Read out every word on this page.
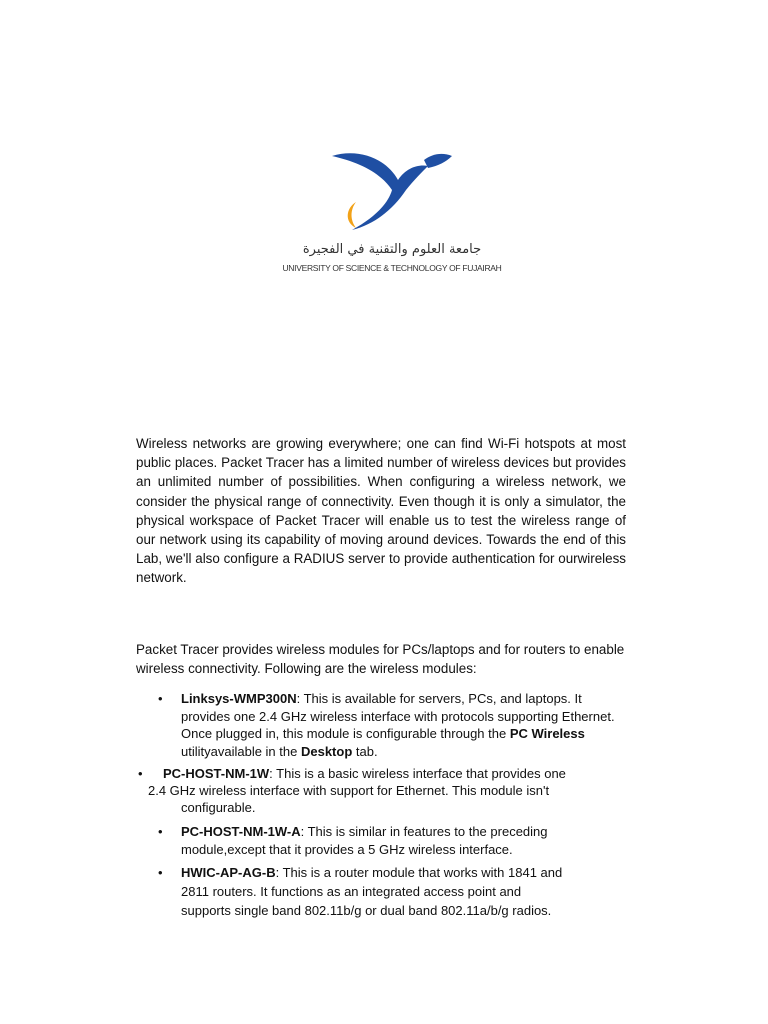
جامعة العلوم والتقنية في الفجيرة
UNIVERSITY OF SCIENCE & TECHNOLOGY OF FUJAIRAH

Wireless networks are growing everywhere; one can find Wi-Fi hotspots at most public places. Packet Tracer has a limited number of wireless devices but provides an unlimited number of possibilities. When configuring a wireless network, we consider the physical range of connectivity. Even though it is only a simulator, the physical workspace of Packet Tracer will enable us to test the wireless range of our network using its capability of moving around devices. Towards the end of this Lab, we'll also configure a RADIUS server to provide authentication for ourwireless network.

Packet Tracer provides wireless modules for PCs/laptops and for routers to enable wireless connectivity. Following are the wireless modules:

• Linksys-WMP300N: This is available for servers, PCs, and laptops. It provides one 2.4 GHz wireless interface with protocols supporting Ethernet. Once plugged in, this module is configurable through the PC Wireless utilityavailable in the Desktop tab.

• PC-HOST-NM-1W: This is a basic wireless interface that provides one
2.4 GHz wireless interface with support for Ethernet. This module isn't
configurable.
• PC-HOST-NM-1W-A: This is similar in features to the preceding module,except that it provides a 5 GHz wireless interface.

• HWIC-AP-AG-B: This is a router module that works with 1841 and
2811 routers. It functions as an integrated access point and
supports single band 802.11b/g or dual band 802.11a/b/g radios.
